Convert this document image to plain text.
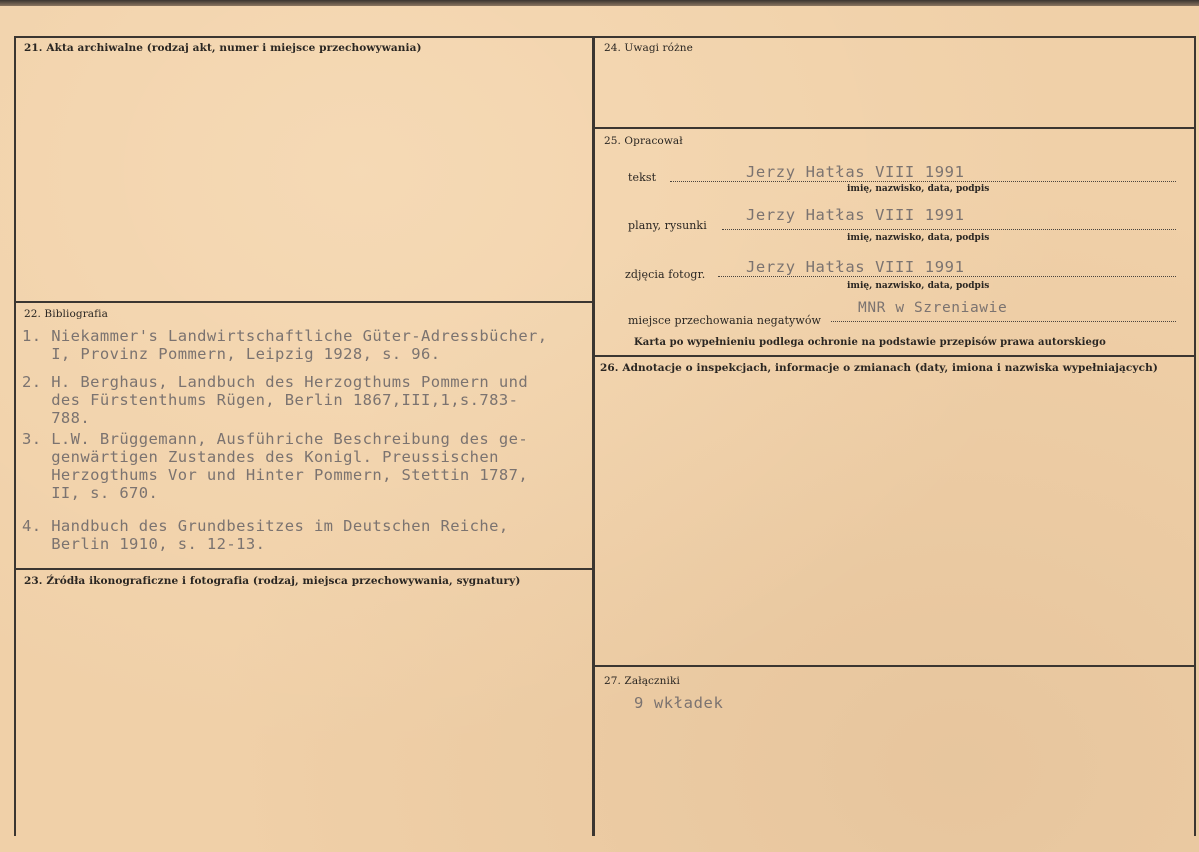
21. Akta archiwalne (rodzaj akt, numer i miejsce przechowywania)
22. Bibliografia
23. Źródła ikonograficzne i fotografia (rodzaj, miejsca przechowywania, sygnatury)
24. Uwagi różne
25. Opracował
26. Adnotacje o inspekcjach, informacje o zmianach (daty, imiona i nazwiska wypełniających)
27. Załączniki
1. Niekammer's Landwirtschaftliche Güter-Adressbücher,
I, Provinz Pommern, Leipzig 1928, s. 96.
2. H. Berghaus, Landbuch des Herzogthums Pommern und
des Fürstenthums Rügen, Berlin 1867,III,1,s.783-
788.
3. L.W. Brüggemann, Ausführiche Beschreibung des ge-
genwärtigen Zustandes des Konigl. Preussischen
Herzogthums Vor und Hinter Pommern, Stettin 1787,
II, s. 670.
4. Handbuch des Grundbesitzes im Deutschen Reiche,
Berlin 1910, s. 12-13.
tekst	Jerzy Hatłas VIII 1991
imię, nazwisko, data, podpis
plany, rysunki
Jerzy Hatłas VIII 1991
imię, nazwisko, data, podpis
zdjęcia fotogr.	Jerzy Hatłas VIII 1991
imię, nazwisko, data, podpis
miejsce przechowania negatywów
MNR w Szreniawie
Karta po wypełnieniu podlega ochronie na podstawie przepisów prawa autorskiego
9 wkładek
